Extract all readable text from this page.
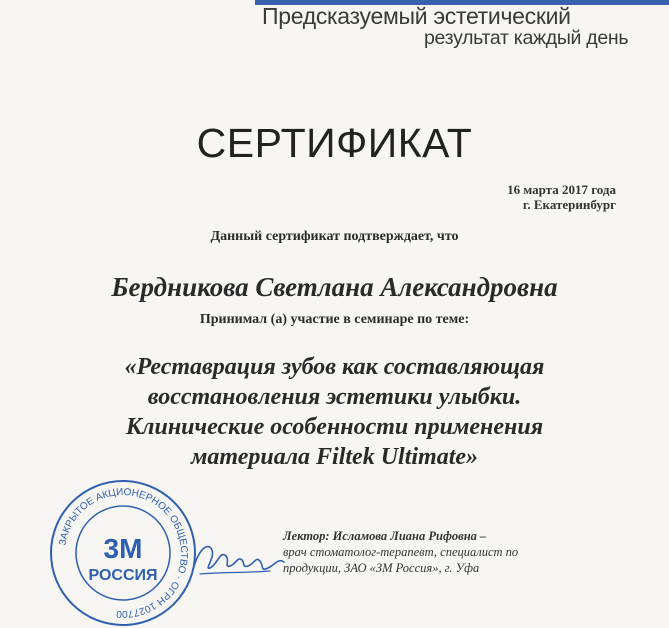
Предсказуемый эстетический
результат каждый день
СЕРТИФИКАТ
16 марта 2017 года
г. Екатеринбург
Данный сертификат подтверждает, что
Бердникова Светлана Александровна
Принимал (а) участие в семинаре по теме:
«Реставрация зубов как составляющая
восстановления эстетики улыбки.
Клинические особенности применения
материала Filtek Ultimate»
ЗАКРЫТОЕ АКЦИОНЕРНОЕ ОБЩЕСТВО · ОГРН 1027700
3M
РОССИЯ
Лектор: Исламова Лиана Рифовна –
врач стоматолог-терапевт, специалист по
продукции, ЗАО «ЗМ Россия», г. Уфа
